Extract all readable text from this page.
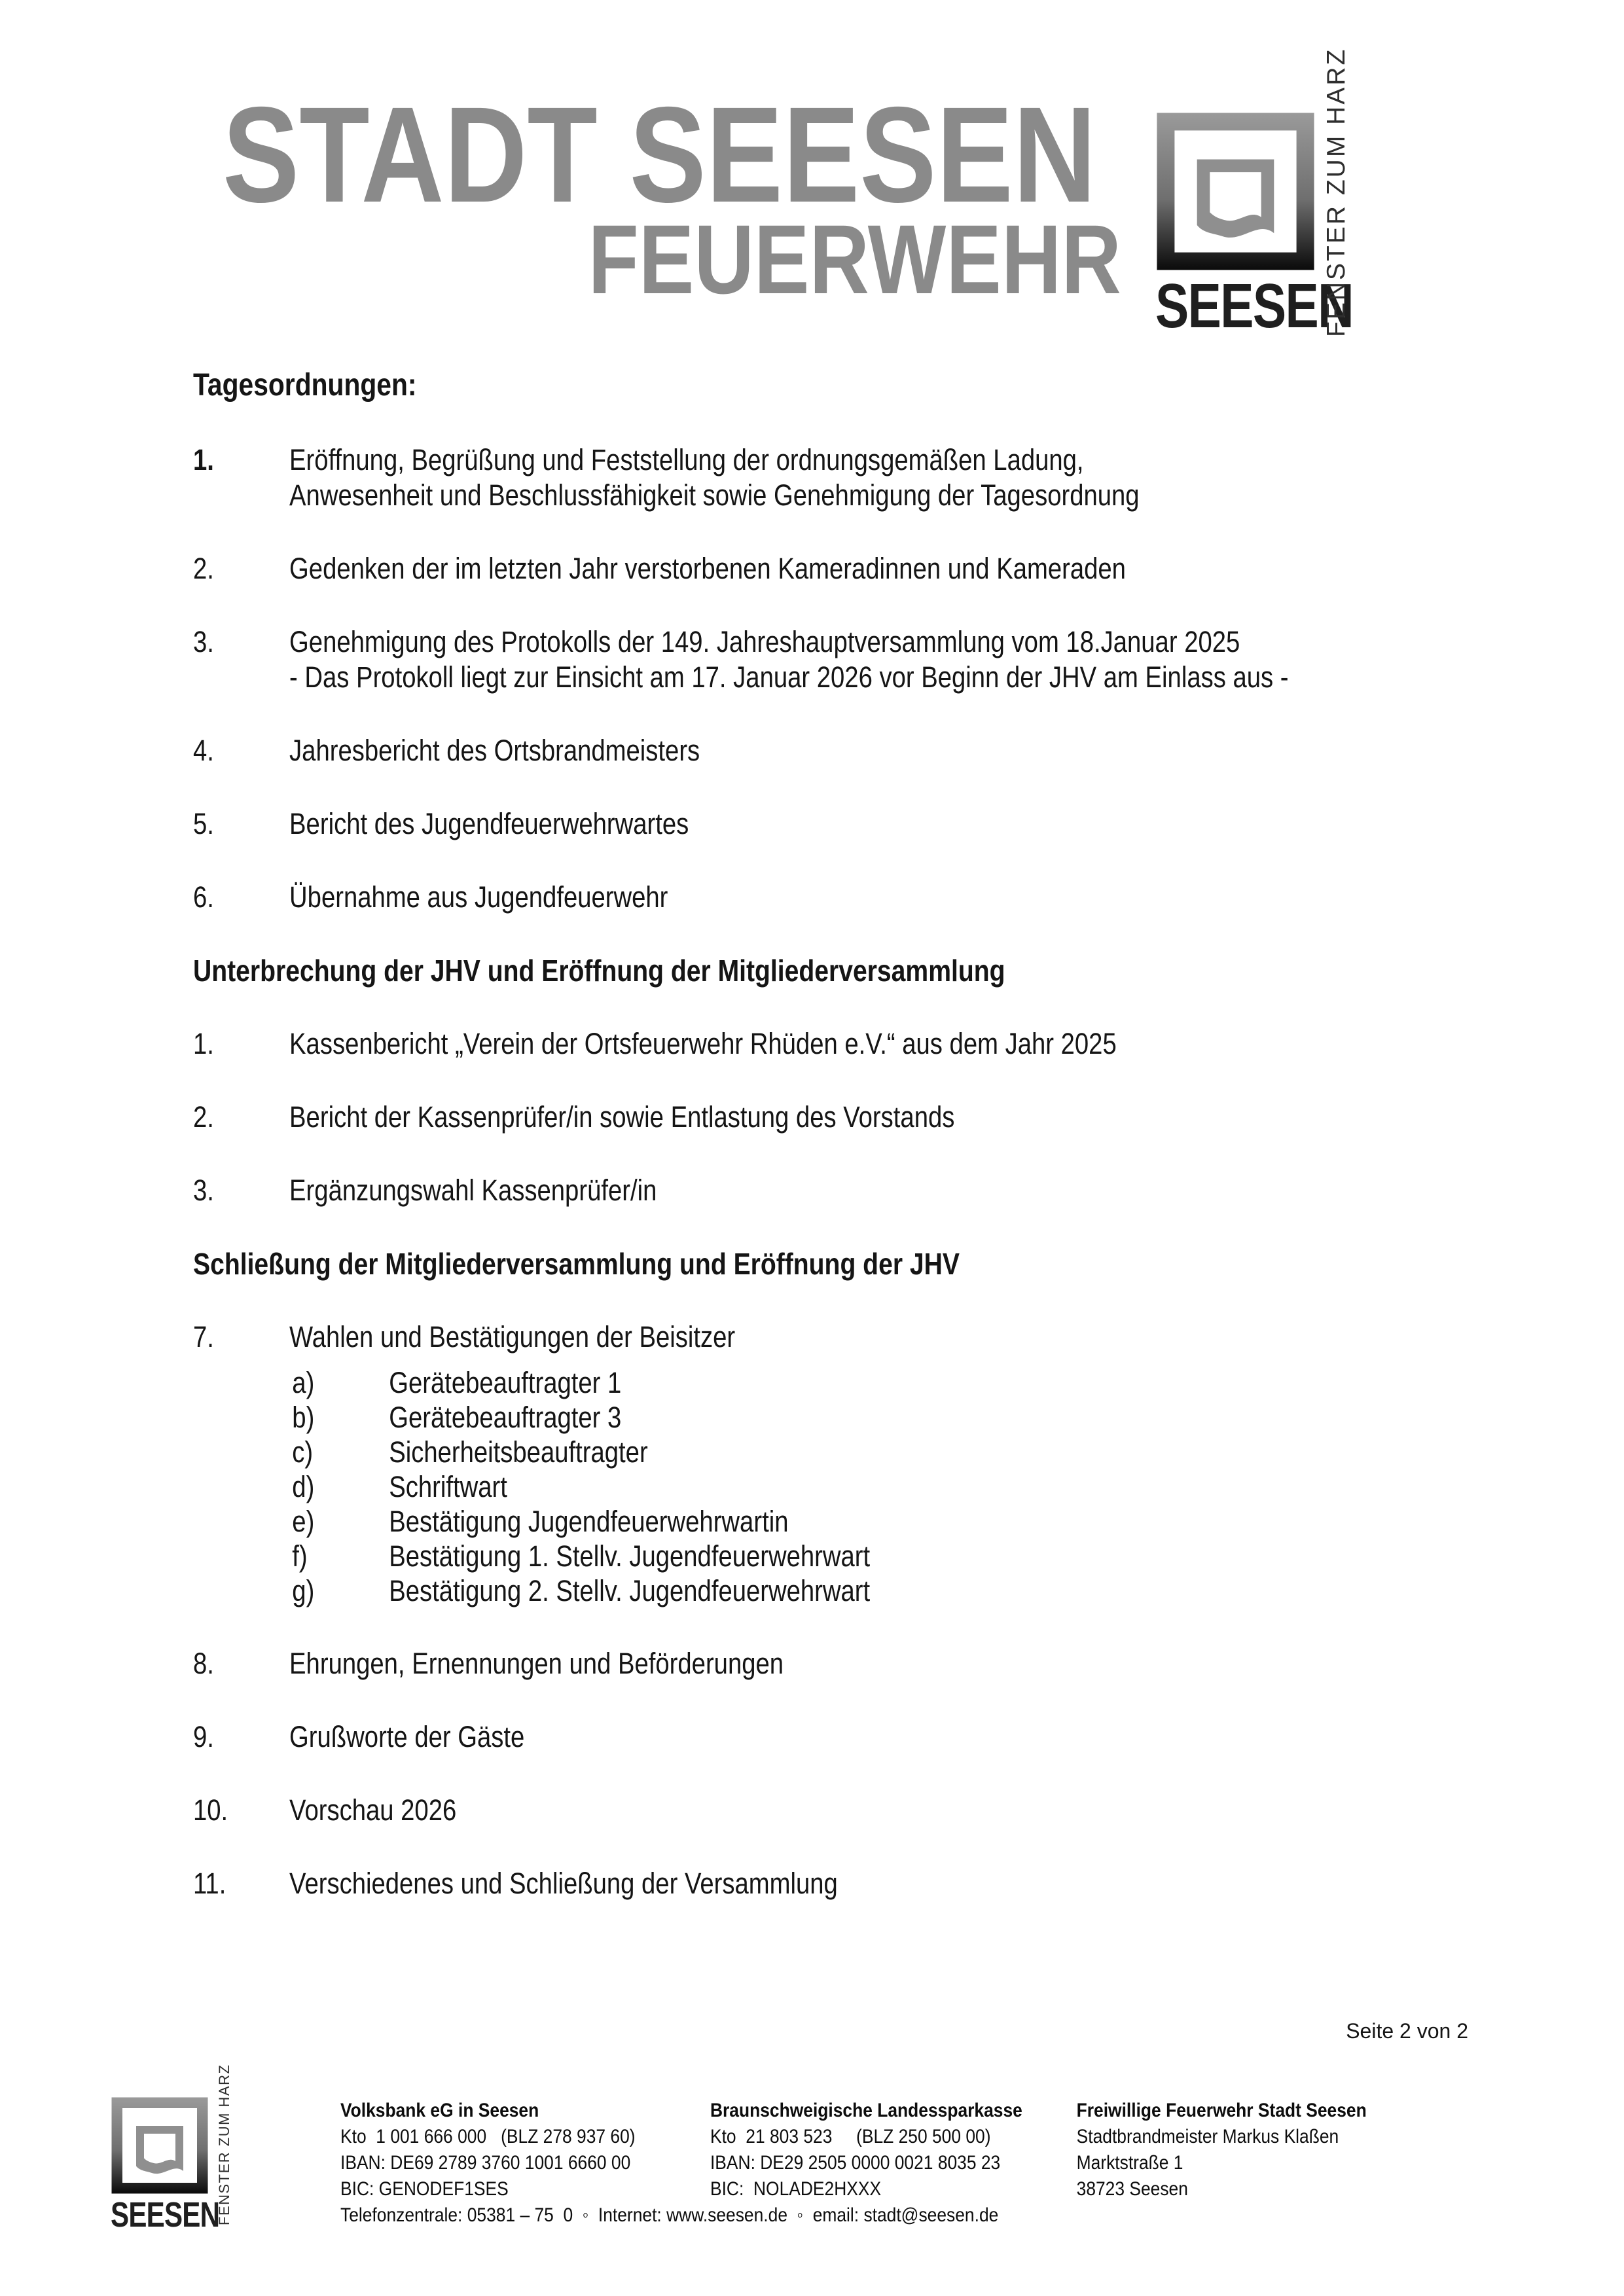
STADT SEESEN
FEUERWEHR SEESEN
FENSTER ZUM HARZ
Tagesordnungen:
1.	Eröffnung, Begrüßung und Feststellung der ordnungsgemäßen Ladung,
Anwesenheit und Beschlussfähigkeit sowie Genehmigung der Tagesordnung
2.	Gedenken der im letzten Jahr verstorbenen Kameradinnen und Kameraden
3.	Genehmigung des Protokolls der 149. Jahreshauptversammlung vom 18.Januar 2025
- Das Protokoll liegt zur Einsicht am 17. Januar 2026 vor Beginn der JHV am Einlass aus -
4.	Jahresbericht des Ortsbrandmeisters
5.	Bericht des Jugendfeuerwehrwartes
6.	Übernahme aus Jugendfeuerwehr
Unterbrechung der JHV und Eröffnung der Mitgliederversammlung
1.	Kassenbericht „Verein der Ortsfeuerwehr Rhüden e.V.“ aus dem Jahr 2025
2.	Bericht der Kassenprüfer/in sowie Entlastung des Vorstands
3.	Ergänzungswahl Kassenprüfer/in
Schließung der Mitgliederversammlung und Eröffnung der JHV
7.	Wahlen und Bestätigungen der Beisitzer
a)	Gerätebeauftragter 1
b)	Gerätebeauftragter 3
c)	Sicherheitsbeauftragter
d)	Schriftwart
e)	Bestätigung Jugendfeuerwehrwartin
f)	Bestätigung 1. Stellv. Jugendfeuerwehrwart
g)	Bestätigung 2. Stellv. Jugendfeuerwehrwart
8.	Ehrungen, Ernennungen und Beförderungen
9.	Grußworte der Gäste
10.	Vorschau 2026
11.	Verschiedenes und Schließung der Versammlung
Seite 2 von 2
SEESEN
FENSTER ZUM HARZ	Volksbank eG in Seesen
Kto  1 001 666 000   (BLZ 278 937 60)
IBAN: DE69 2789 3760 1001 6660 00
BIC: GENODEF1SES
Braunschweigische Landessparkasse
Kto  21 803 523     (BLZ 250 500 00)
IBAN: DE29 2505 0000 0021 8035 23
BIC:  NOLADE2HXXX
Freiwillige Feuerwehr Stadt Seesen
Stadtbrandmeister Markus Klaßen
Marktstraße 1
38723 Seesen
Telefonzentrale: 05381 – 75  0  ◦  Internet: www.seesen.de  ◦  email: stadt@seesen.de
